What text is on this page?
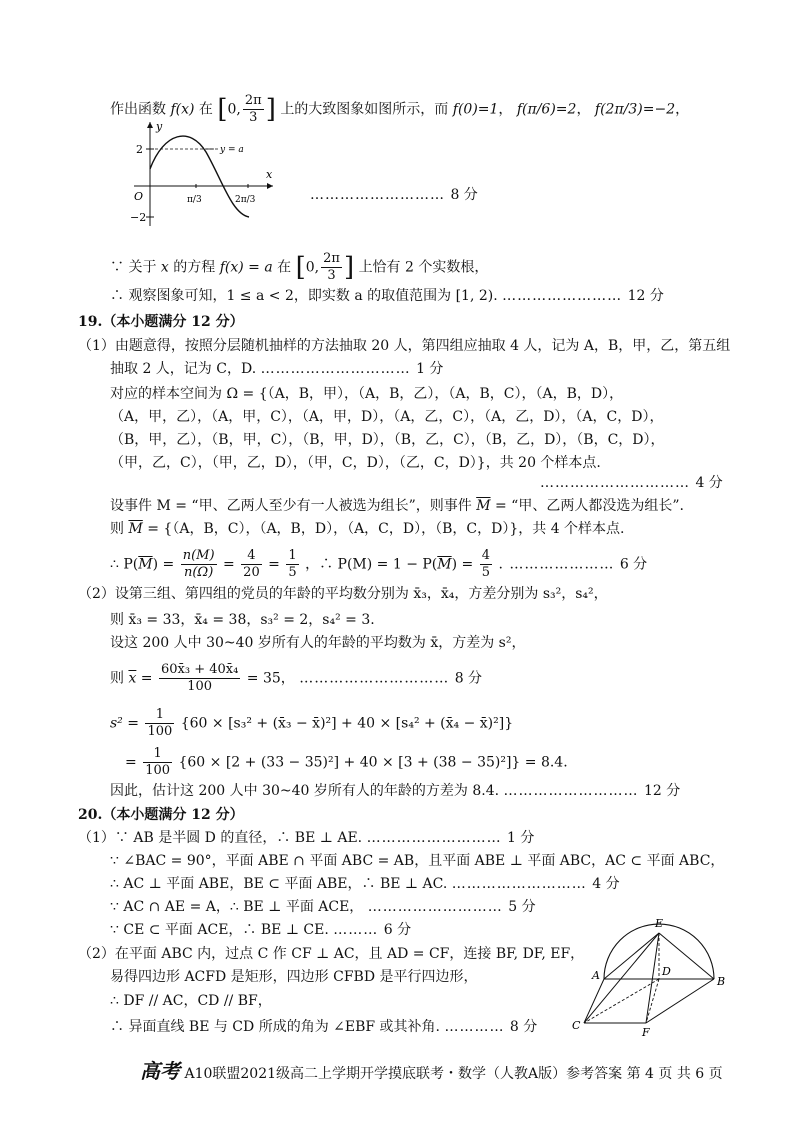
作出函数 f(x) 在 [0, $\frac{2\pi}{3}$ ] 上的大致图象如图所示，而 f(0)=1， f(π/6)=2， f(2π/3)=−2，
y
x
O
2
−2
π/3	2π/3
y = a
……………………… 8 分
∵ 关于 x 的方程 f(x) = a 在 [0, $\frac{2\pi}{3}$ ] 上恰有 2 个实数根，
∴ 观察图象可知，1 ≤ a < 2，即实数 a 的取值范围为 [1, 2). …………………… 12 分
19.（本小题满分 12 分）
（1）由题意得，按照分层随机抽样的方法抽取 20 人，第四组应抽取 4 人，记为 A，B，甲，乙，第五组
抽取 2 人，记为 C，D. ………………………… 1 分
对应的样本空间为 Ω = {（A，B，甲），（A，B，乙），（A，B，C），（A，B，D），
（A，甲，乙），（A，甲，C），（A，甲，D），（A，乙，C），（A，乙，D），（A，C，D），
（B，甲，乙），（B，甲，C），（B，甲，D），（B，乙，C），（B，乙，D），（B，C，D），
（甲，乙，C），（甲，乙，D），（甲，C，D），（乙，C，D）}，共 20 个样本点.
………………………… 4 分
设事件 M = “甲、乙两人至少有一人被选为组长”，则事件 $\overline{M}$ = “甲、乙两人都没选为组长”.
则 $\overline{M} = \{(A$，B，C），（A，B，D），（A，C，D），（B，C，D）}，共 4 个样本点.
∴ $P(\overline{M}) = \frac{n(M)}{n(\Omega)} = \frac{4}{20} = \frac{1}{5}$ ，∴ $P(M) = 1 - P(\overline{M}) = \frac{4}{5}$ . ………………… 6 分
（2）设第三组、第四组的党员的年龄的平均数分别为 x̄₃，x̄₄，方差分别为 s₃²，s₄²，
则 x̄₃ = 33，x̄₄ = 38，s₃² = 2，s₄² = 3.
设这 200 人中 30~40 岁所有人的年龄的平均数为 x̄，方差为 s²，
则 $\overline{x} = \frac{\text{60x̄₃ + 40x̄₄}}{100} = 35$， ………………………… 8 分
$s^2 = \frac{1}{100} \{60 \times [s_3^2$ + (x̄₃ − x̄)²] + 40 × [s₄² + (x̄₄ − x̄)²]}
= $\frac{1}{100} \{60 \times [2 + (33 - 35)^2] + 40 \times [3 + (38 - 35)^2]\} = 8.4$.
因此，估计这 200 人中 30~40 岁所有人的年龄的方差为 8.4. ……………………… 12 分
20.（本小题满分 12 分）
（1）∵ AB 是半圆 D 的直径，∴ BE ⊥ AE. ……………………… 1 分
∵ ∠BAC = 90°，平面 ABE ∩ 平面 ABC = AB，且平面 ABE ⊥ 平面 ABC，AC ⊂ 平面 ABC，
∴ AC ⊥ 平面 ABE，BE ⊂ 平面 ABE，∴ BE ⊥ AC. ……………………… 4 分
∵ AC ∩ AE = A，∴ BE ⊥ 平面 ACE， ……………………… 5 分
∵ CE ⊂ 平面 ACE，∴ BE ⊥ CE. ……… 6 分
（2）在平面 ABC 内，过点 C 作 CF ⊥ AC，且 AD = CF，连接 BF, DF, EF，
易得四边形 ACFD 是矩形，四边形 CFBD 是平行四边形，
∴ DF // AC，CD // BF，
∴ 异面直线 BE 与 CD 所成的角为 ∠EBF 或其补角. ………… 8 分
E
A	D
B
C
F
高考 A10联盟2021级高二上学期开学摸底联考・数学（人教A版）参考答案 第 4 页 共 6 页
